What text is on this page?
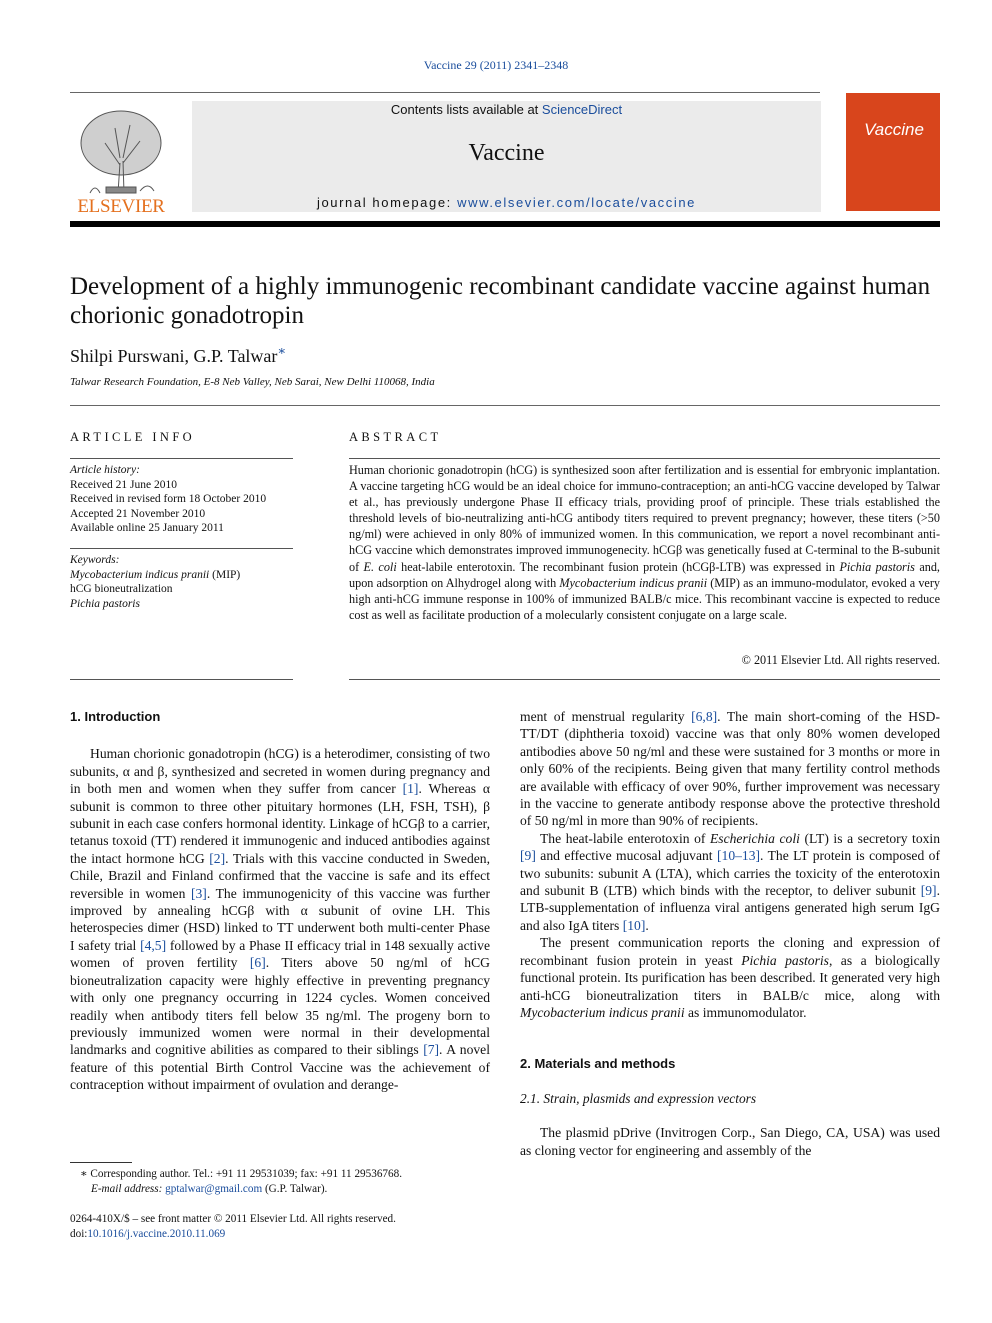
Vaccine 29 (2011) 2341–2348
Contents lists available at ScienceDirect
Vaccine
journal homepage: www.elsevier.com/locate/vaccine
ELSEVIER
Vaccine
Development of a highly immunogenic recombinant candidate vaccine against human chorionic gonadotropin
Shilpi Purswani, G.P. Talwar∗
Talwar Research Foundation, E-8 Neb Valley, Neb Sarai, New Delhi 110068, India
ARTICLE INFO	ABSTRACT
Article history:
Received 21 June 2010
Received in revised form 18 October 2010
Accepted 21 November 2010
Available online 25 January 2011
Keywords:
Mycobacterium indicus pranii (MIP)
hCG bioneutralization
Pichia pastoris
Human chorionic gonadotropin (hCG) is synthesized soon after fertilization and is essential for embryonic implantation. A vaccine targeting hCG would be an ideal choice for immuno-contraception; an anti-hCG vaccine developed by Talwar et al., has previously undergone Phase II efficacy trials, providing proof of principle. These trials established the threshold levels of bio-neutralizing anti-hCG antibody titers required to prevent pregnancy; however, these titers (>50 ng/ml) were achieved in only 80% of immunized women. In this communication, we report a novel recombinant anti-hCG vaccine which demonstrates improved immunogenecity. hCGβ was genetically fused at C-terminal to the B-subunit of E. coli heat-labile enterotoxin. The recombinant fusion protein (hCGβ-LTB) was expressed in Pichia pastoris and, upon adsorption on Alhydrogel along with Mycobacterium indicus pranii (MIP) as an immuno-modulator, evoked a very high anti-hCG immune response in 100% of immunized BALB/c mice. This recombinant vaccine is expected to reduce cost as well as facilitate production of a molecularly consistent conjugate on a large scale.
© 2011 Elsevier Ltd. All rights reserved.
1. Introduction

Human chorionic gonadotropin (hCG) is a heterodimer, consisting of two subunits, α and β, synthesized and secreted in women during pregnancy and in both men and women when they suffer from cancer [1]. Whereas α subunit is common to three other pituitary hormones (LH, FSH, TSH), β subunit in each case confers hormonal identity. Linkage of hCGβ to a carrier, tetanus toxoid (TT) rendered it immunogenic and induced antibodies against the intact hormone hCG [2]. Trials with this vaccine conducted in Sweden, Chile, Brazil and Finland confirmed that the vaccine is safe and its effect reversible in women [3]. The immunogenicity of this vaccine was further improved by annealing hCGβ with α subunit of ovine LH. This heterospecies dimer (HSD) linked to TT underwent both multi-center Phase I safety trial [4,5] followed by a Phase II efficacy trial in 148 sexually active women of proven fertility [6]. Titers above 50 ng/ml of hCG bioneutralization capacity were highly effective in preventing pregnancy with only one pregnancy occurring in 1224 cycles. Women conceived readily when antibody titers fell below 35 ng/ml. The progeny born to previously immunized women were normal in their developmental landmarks and cognitive abilities as compared to their siblings [7]. A novel feature of this potential Birth Control Vaccine was the achievement of contraception without impairment of ovulation and derange-

∗ Corresponding author. Tel.: +91 11 29531039; fax: +91 11 29536768.
E-mail address: gptalwar@gmail.com (G.P. Talwar).
0264-410X/$ – see front matter © 2011 Elsevier Ltd. All rights reserved.
doi:10.1016/j.vaccine.2010.11.069

ment of menstrual regularity [6,8]. The main short-coming of the HSD-TT/DT (diphtheria toxoid) vaccine was that only 80% women developed antibodies above 50 ng/ml and these were sustained for 3 months or more in only 60% of the recipients. Being given that many fertility control methods are available with efficacy of over 90%, further improvement was necessary in the vaccine to generate antibody response above the protective threshold of 50 ng/ml in more than 90% of recipients.

The heat-labile enterotoxin of Escherichia coli (LT) is a secretory toxin [9] and effective mucosal adjuvant [10–13]. The LT protein is composed of two subunits: subunit A (LTA), which carries the toxicity of the enterotoxin and subunit B (LTB) which binds with the receptor, to deliver subunit [9]. LTB-supplementation of influenza viral antigens generated high serum IgG and also IgA titers [10].

The present communication reports the cloning and expression of recombinant fusion protein in yeast Pichia pastoris, as a biologically functional protein. Its purification has been described. It generated very high anti-hCG bioneutralization titers in BALB/c mice, along with Mycobacterium indicus pranii as immunomodulator.

2. Materials and methods
2.1. Strain, plasmids and expression vectors

The plasmid pDrive (Invitrogen Corp., San Diego, CA, USA) was used as cloning vector for engineering and assembly of the
